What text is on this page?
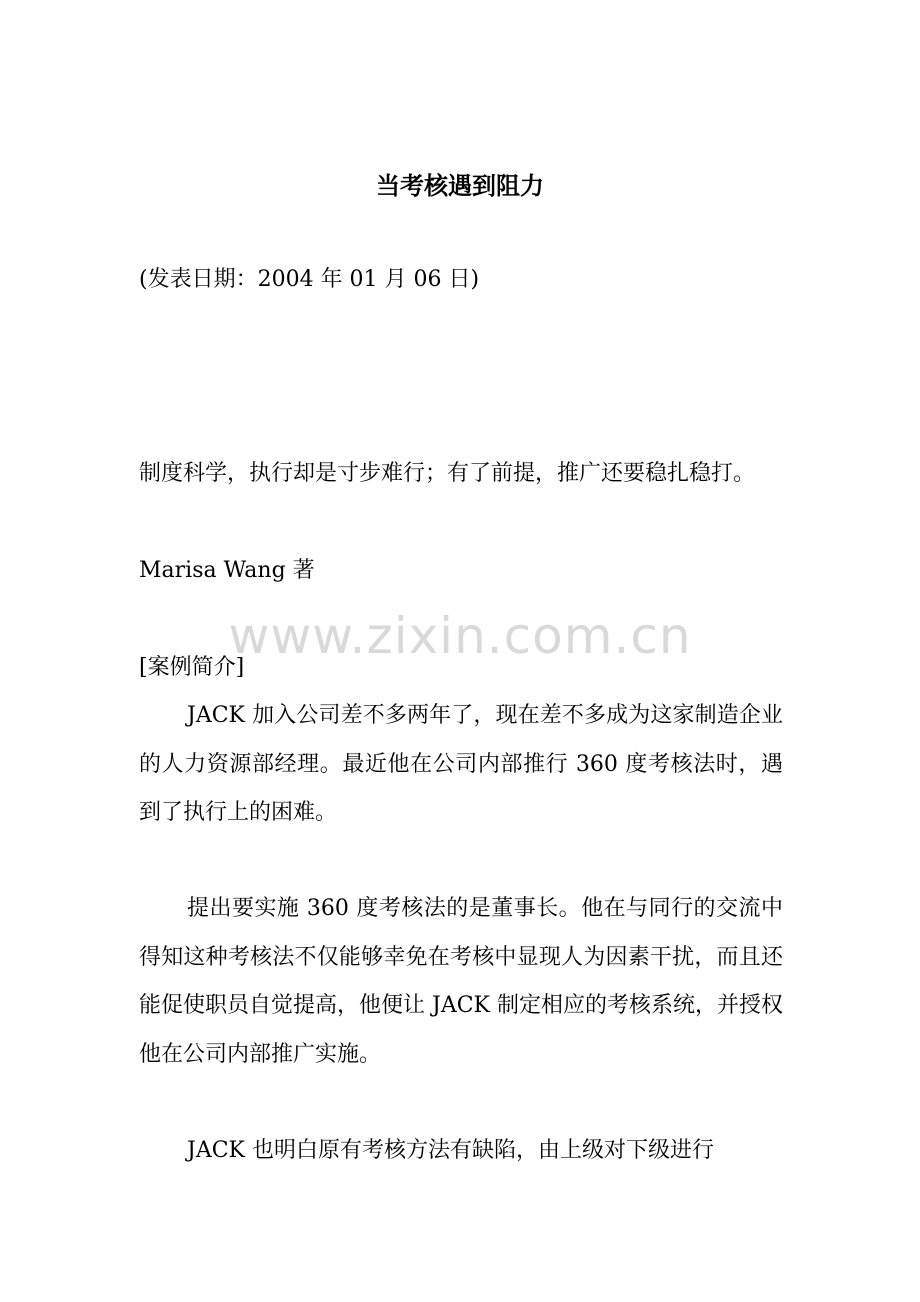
当考核遇到阻力
(发表日期：2004 年 01 月 06 日)
制度科学，执行却是寸步难行；有了前提，推广还要稳扎稳打。
Marisa Wang 著
www.zixin.com.cn
[案例简介]
JACK 加入公司差不多两年了，现在差不多成为这家制造企业的人力资源部经理。最近他在公司内部推行 360 度考核法时，遇到了执行上的困难。
提出要实施 360 度考核法的是董事长。他在与同行的交流中得知这种考核法不仅能够幸免在考核中显现人为因素干扰，而且还能促使职员自觉提高，他便让 JACK 制定相应的考核系统，并授权他在公司内部推广实施。
JACK 也明白原有考核方法有缺陷，由上级对下级进行
